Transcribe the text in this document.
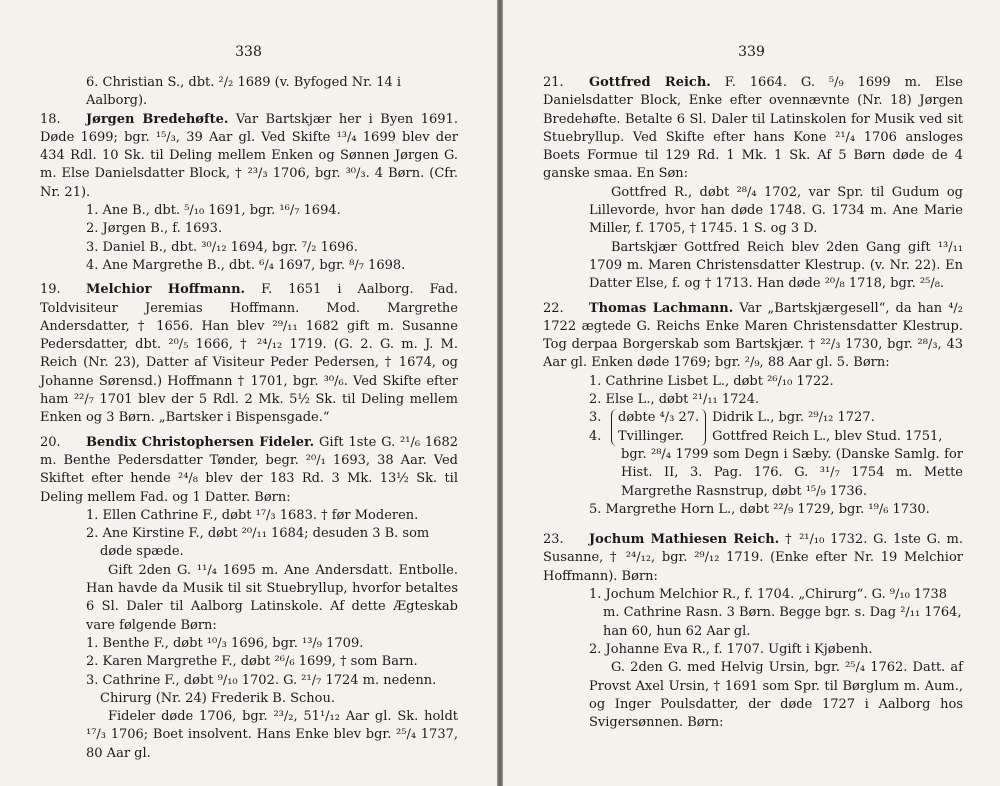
338

6. Christian S., dbt. ²/₂ 1689 (v. Byfoged Nr. 14 i
Aalborg).

18.	Jørgen Bredehøfte. Var Bartskjær her i Byen 1691. Døde 1699; bgr. ¹⁵/₃, 39 Aar gl. Ved Skifte ¹³/₄ 1699 blev der 434 Rdl. 10 Sk. til Deling mellem Enken og Sønnen Jørgen G. m. Else Danielsdatter Block, † ²³/₃ 1706, bgr. ³⁰/₃. 4 Børn. (Cfr. Nr. 21).

1. Ane B., dbt. ⁵/₁₀ 1691, bgr. ¹⁶/₇ 1694.
2. Jørgen B., f. 1693.
3. Daniel B., dbt. ³⁰/₁₂ 1694, bgr. ⁷/₂ 1696.
4. Ane Margrethe B., dbt. ⁶/₄ 1697, bgr. ⁸/₇ 1698.
19.	Melchior Hoffmann. F. 1651 i Aalborg. Fad. Toldvisiteur Jeremias Hoffmann. Mod. Margrethe Andersdatter, † 1656. Han blev ²⁹/₁₁ 1682 gift m. Susanne Pedersdatter, dbt. ²⁰/₅ 1666, † ²⁴/₁₂ 1719. (G. 2. G. m. J. M. Reich (Nr. 23), Datter af Visiteur Peder Pedersen, † 1674, og Johanne Sørensd.) Hoffmann † 1701, bgr. ³⁰/₆. Ved Skifte efter ham ²²/₇ 1701 blev der 5 Rdl. 2 Mk. 5½ Sk. til Deling mellem Enken og 3 Børn. „Bartsker i Bispensgade.“

20.	Bendix Christophersen Fideler. Gift 1ste G. ²¹/₆ 1682 m. Benthe Pedersdatter Tønder, begr. ²⁰/₁ 1693, 38 Aar. Ved Skiftet efter hende ²⁴/₈ blev der 183 Rd. 3 Mk. 13½ Sk. til Deling mellem Fad. og 1 Datter. Børn:

1. Ellen Cathrine F., døbt ¹⁷/₃ 1683. † før Moderen.
2. Ane Kirstine F., døbt ²⁰/₁₁ 1684; desuden 3 B. som døde spæde.

Gift 2den G. ¹¹/₄ 1695 m. Ane Andersdatt. Entbolle. Han havde da Musik til sit Stuebryllup, hvorfor betaltes 6 Sl. Daler til Aalborg Latinskole. Af dette Ægteskab vare følgende Børn:

1. Benthe F., døbt ¹⁰/₃ 1696, bgr. ¹³/₉ 1709.
2. Karen Margrethe F., døbt ²⁶/₆ 1699, † som Barn.
3. Cathrine F., døbt ⁹/₁₀ 1702. G. ²¹/₇ 1724 m. nedenn. Chirurg (Nr. 24) Frederik B. Schou.

Fideler døde 1706, bgr. ²³/₂, 51¹/₁₂ Aar gl. Sk. holdt ¹⁷/₃ 1706; Boet insolvent. Hans Enke blev bgr. ²⁵/₄ 1737, 80 Aar gl.

339
21.	Gottfred Reich. F. 1664. G. ⁵/₉ 1699 m. Else Danielsdatter Block, Enke efter ovennævnte (Nr. 18) Jørgen Bredehøfte. Betalte 6 Sl. Daler til Latinskolen for Musik ved sit Stuebryllup. Ved Skifte efter hans Kone ²¹/₄ 1706 ansloges Boets Formue til 129 Rd. 1 Mk. 1 Sk. Af 5 Børn døde de 4 ganske smaa. En Søn:

Gottfred R., døbt ²⁸/₄ 1702, var Spr. til Gudum og Lillevorde, hvor han døde 1748. G. 1734 m. Ane Marie Miller, f. 1705, † 1745. 1 S. og 3 D.

Bartskjær Gottfred Reich blev 2den Gang gift ¹³/₁₁ 1709 m. Maren Christensdatter Klestrup. (v. Nr. 22). En Datter Else, f. og † 1713. Han døde ²⁰/₈ 1718, bgr. ²⁵/₈.

22.	Thomas Lachmann. Var „Bartskjærgesell“, da han ⁴/₂ 1722 ægtede G. Reichs Enke Maren Christensdatter Klestrup. Tog derpaa Borgerskab som Bartskjær. † ²²/₃ 1730, bgr. ²⁸/₃, 43 Aar gl. Enken døde 1769; bgr. ²/₉, 88 Aar gl. 5. Børn:

1. Cathrine Lisbet L., døbt ²⁶/₁₀ 1722.
2. Else L., døbt ²¹/₁₁ 1724.
3.
4.
døbte ⁴/₃ 27.
Tvillinger.
Didrik L., bgr. ²⁹/₁₂ 1727.
Gottfred Reich L., blev Stud. 1751,

bgr. ²⁸/₄ 1799 som Degn i Sæby. (Danske Samlg. for Hist. II, 3. Pag. 176. G. ³¹/₇ 1754 m. Mette Margrethe Rasnstrup, døbt ¹⁵/₉ 1736.

5. Margrethe Horn L., døbt ²²/₉ 1729, bgr. ¹⁹/₆ 1730.
23.	Jochum Mathiesen Reich. † ²¹/₁₀ 1732. G. 1ste G. m. Susanne, † ²⁴/₁₂, bgr. ²⁹/₁₂ 1719. (Enke efter Nr. 19 Melchior Hoffmann). Børn:

1. Jochum Melchior R., f. 1704. „Chirurg“. G. ⁹/₁₀ 1738 m. Cathrine Rasn. 3 Børn. Begge bgr. s. Dag ²/₁₁ 1764, han 60, hun 62 Aar gl.
2. Johanne Eva R., f. 1707. Ugift i Kjøbenh.

G. 2den G. med Helvig Ursin, bgr. ²⁵/₄ 1762. Datt. af Provst Axel Ursin, † 1691 som Spr. til Børglum m. Aum., og Inger Poulsdatter, der døde 1727 i Aalborg hos Svigersønnen. Børn:
